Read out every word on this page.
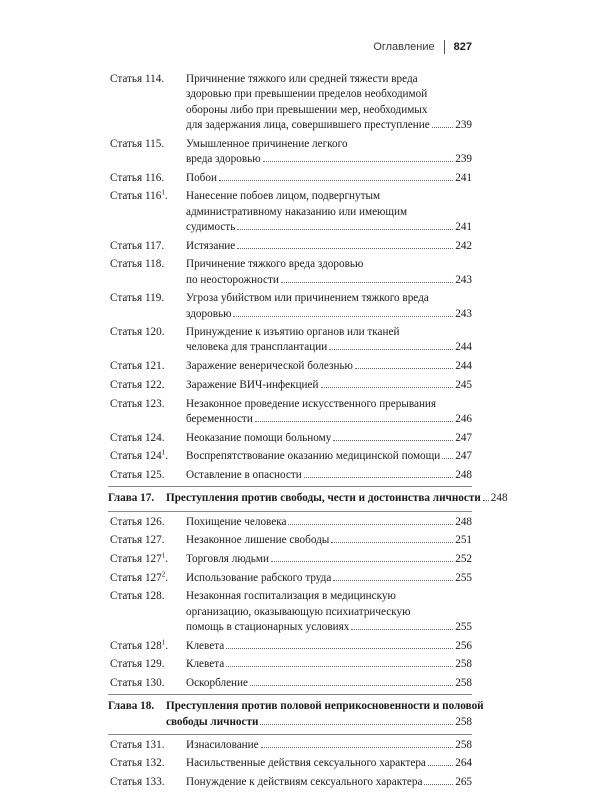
Оглавление 827
Статья 114.	Причинение тяжкого или средней тяжести вреда
здоровью при превышении пределов необходимой
обороны либо при превышении мер, необходимых
для задержания лица, совершившего преступление 239
Статья 115.	Умышленное причинение легкого
вреда здоровью	239
Статья 116.	Побои	241
Статья $116^1$.	Нанесение побоев лицом, подвергнутым
административному наказанию или имеющим
судимость	241
Статья 117.	Истязание	242
Статья 118.	Причинение тяжкого вреда здоровью
по неосторожности	243
Статья 119.	Угроза убийством или причинением тяжкого вреда
здоровью	243
Статья 120.	Принуждение к изъятию органов или тканей
человека для трансплантации	244
Статья 121.	Заражение венерической болезнью	244
Статья 122.	Заражение ВИЧ-инфекцией	245
Статья 123.	Незаконное проведение искусственного прерывания
беременности	246
Статья 124.	Неоказание помощи больному	247
Статья $124^1$.	Воспрепятствование оказанию медицинской помощи 247
Статья 125.	Оставление в опасности	248
Глава 17.	Преступления против свободы, чести и достоинства личности 248
Статья 126.	Похищение человека	248
Статья 127.	Незаконное лишение свободы	251
Статья $127^1$.	Торговля людьми	252
Статья $127^2$.	Использование рабского труда	255
Статья 128.	Незаконная госпитализация в медицинскую
организацию, оказывающую психиатрическую
помощь в стационарных условиях	255
Статья $128^1$.	Клевета	256
Статья 129.	Клевета	258
Статья 130.	Оскорбление	258
Глава 18.	Преступления против половой неприкосновенности и половой
свободы личности	258
Статья 131.	Изнасилование	258
Статья 132.	Насильственные действия сексуального характера	264
Статья 133.	Понуждение к действиям сексуального характера	265
